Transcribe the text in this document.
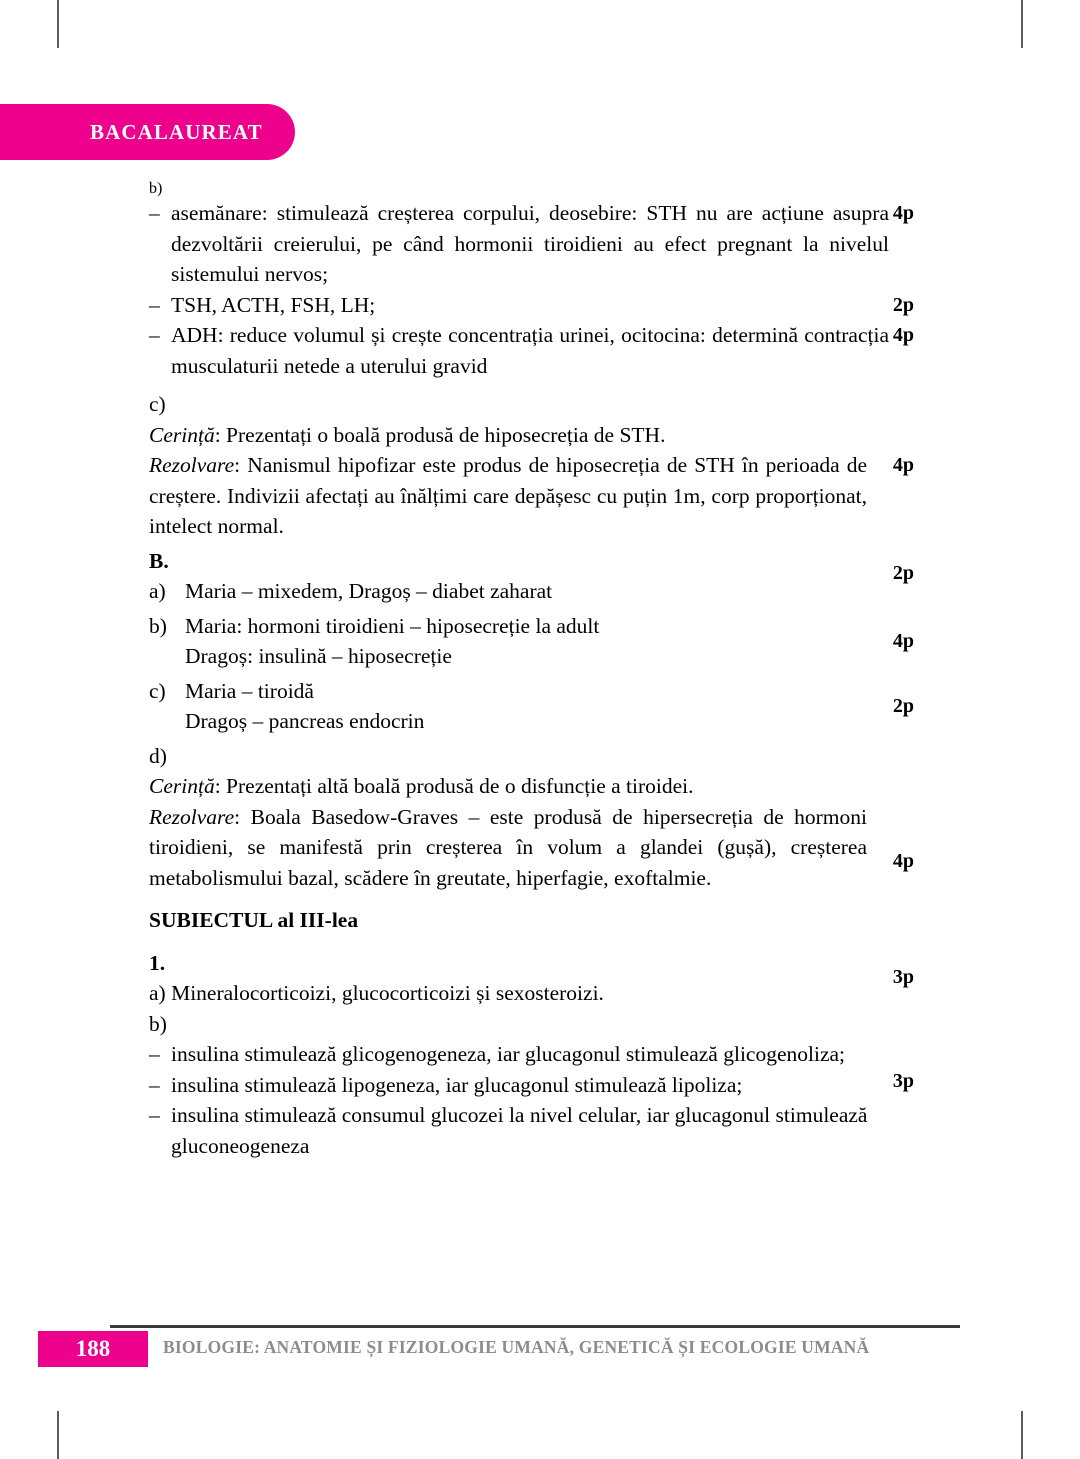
BACALAUREAT
b)
– asemănare: stimulează creșterea corpului, deosebire: STH nu are acțiune asupra dezvoltării creierului, pe când hormonii tiroidieni au efect pregnant la nivelul sistemului nervos;
4p
– TSH, ACTH, FSH, LH;	2p
– ADH: reduce volumul și crește concentrația urinei, ocitocina: determină contracția musculaturii netede a uterului gravid
4p
c)
Cerință: Prezentați o boală produsă de hiposecreția de STH.
Rezolvare: Nanismul hipofizar este produs de hiposecreția de STH în perioada de creștere. Indivizii afectați au înălțimi care depășesc cu puțin 1m, corp proporționat, intelect normal.
4p
B.
a) Maria – mixedem, Dragoș – diabet zaharat
2p
b) Maria: hormoni tiroidieni – hiposecreție la adult
Dragoș: insulină – hiposecreție
4p
c) Maria – tiroidă
Dragoș – pancreas endocrin
2p
d)
Cerință: Prezentați altă boală produsă de o disfuncție a tiroidei.
Rezolvare: Boala Basedow-Graves – este produsă de hipersecreția de hormoni tiroidieni, se manifestă prin creșterea în volum a glandei (gușă), creșterea metabolismului bazal, scădere în greutate, hiperfagie, exoftalmie.
4p
SUBIECTUL al III-lea
1.
a) Mineralocorticoizi, glucocorticoizi și sexosteroizi.
3p
b)
– insulina stimulează glicogenogeneza, iar glucagonul stimulează glicogenoliza;
– insulina stimulează lipogeneza, iar glucagonul stimulează lipoliza;	3p
– insulina stimulează consumul glucozei la nivel celular, iar glucagonul stimulează gluconeogeneza
188	BIOLOGIE: ANATOMIE ȘI FIZIOLOGIE UMANĂ, GENETICĂ ȘI ECOLOGIE UMANĂ
